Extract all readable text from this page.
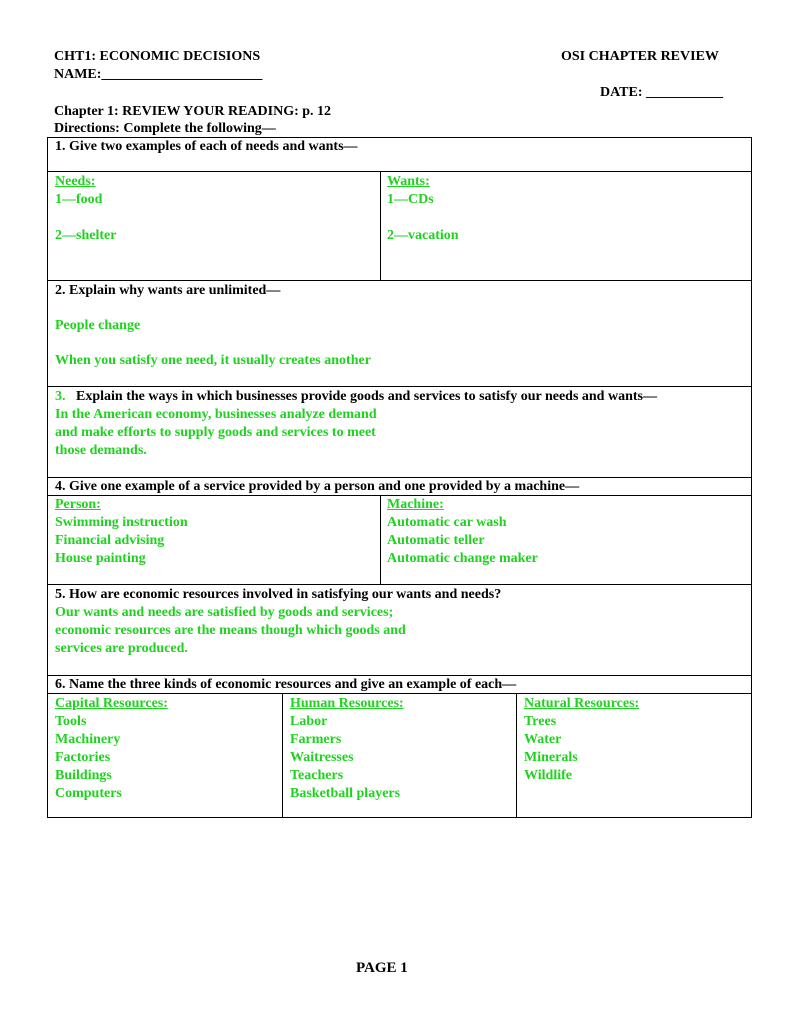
CHT1: ECONOMIC DECISIONS
NAME:_______________________
OSI CHAPTER REVIEW
DATE: ___________
Chapter 1: REVIEW YOUR READING: p. 12
Directions: Complete the following—
1. Give two examples of each of needs and wants—
Needs:
1—food
2—shelter
Wants:
1—CDs
2—vacation
2. Explain why wants are unlimited—
People change
When you satisfy one need, it usually creates another
3. Explain the ways in which businesses provide goods and services to satisfy our needs and wants—
In the American economy, businesses analyze demand
and make efforts to supply goods and services to meet
those demands.
4. Give one example of a service provided by a person and one provided by a machine—
Person:
Swimming instruction
Financial advising
House painting
Machine:
Automatic car wash
Automatic teller
Automatic change maker
5. How are economic resources involved in satisfying our wants and needs?
Our wants and needs are satisfied by goods and services;
economic resources are the means though which goods and
services are produced.
6. Name the three kinds of economic resources and give an example of each—
Capital Resources:
Tools
Machinery
Factories
Buildings
Computers
Human Resources:
Labor
Farmers
Waitresses
Teachers
Basketball players
Natural Resources:
Trees
Water
Minerals
Wildlife
PAGE 1
